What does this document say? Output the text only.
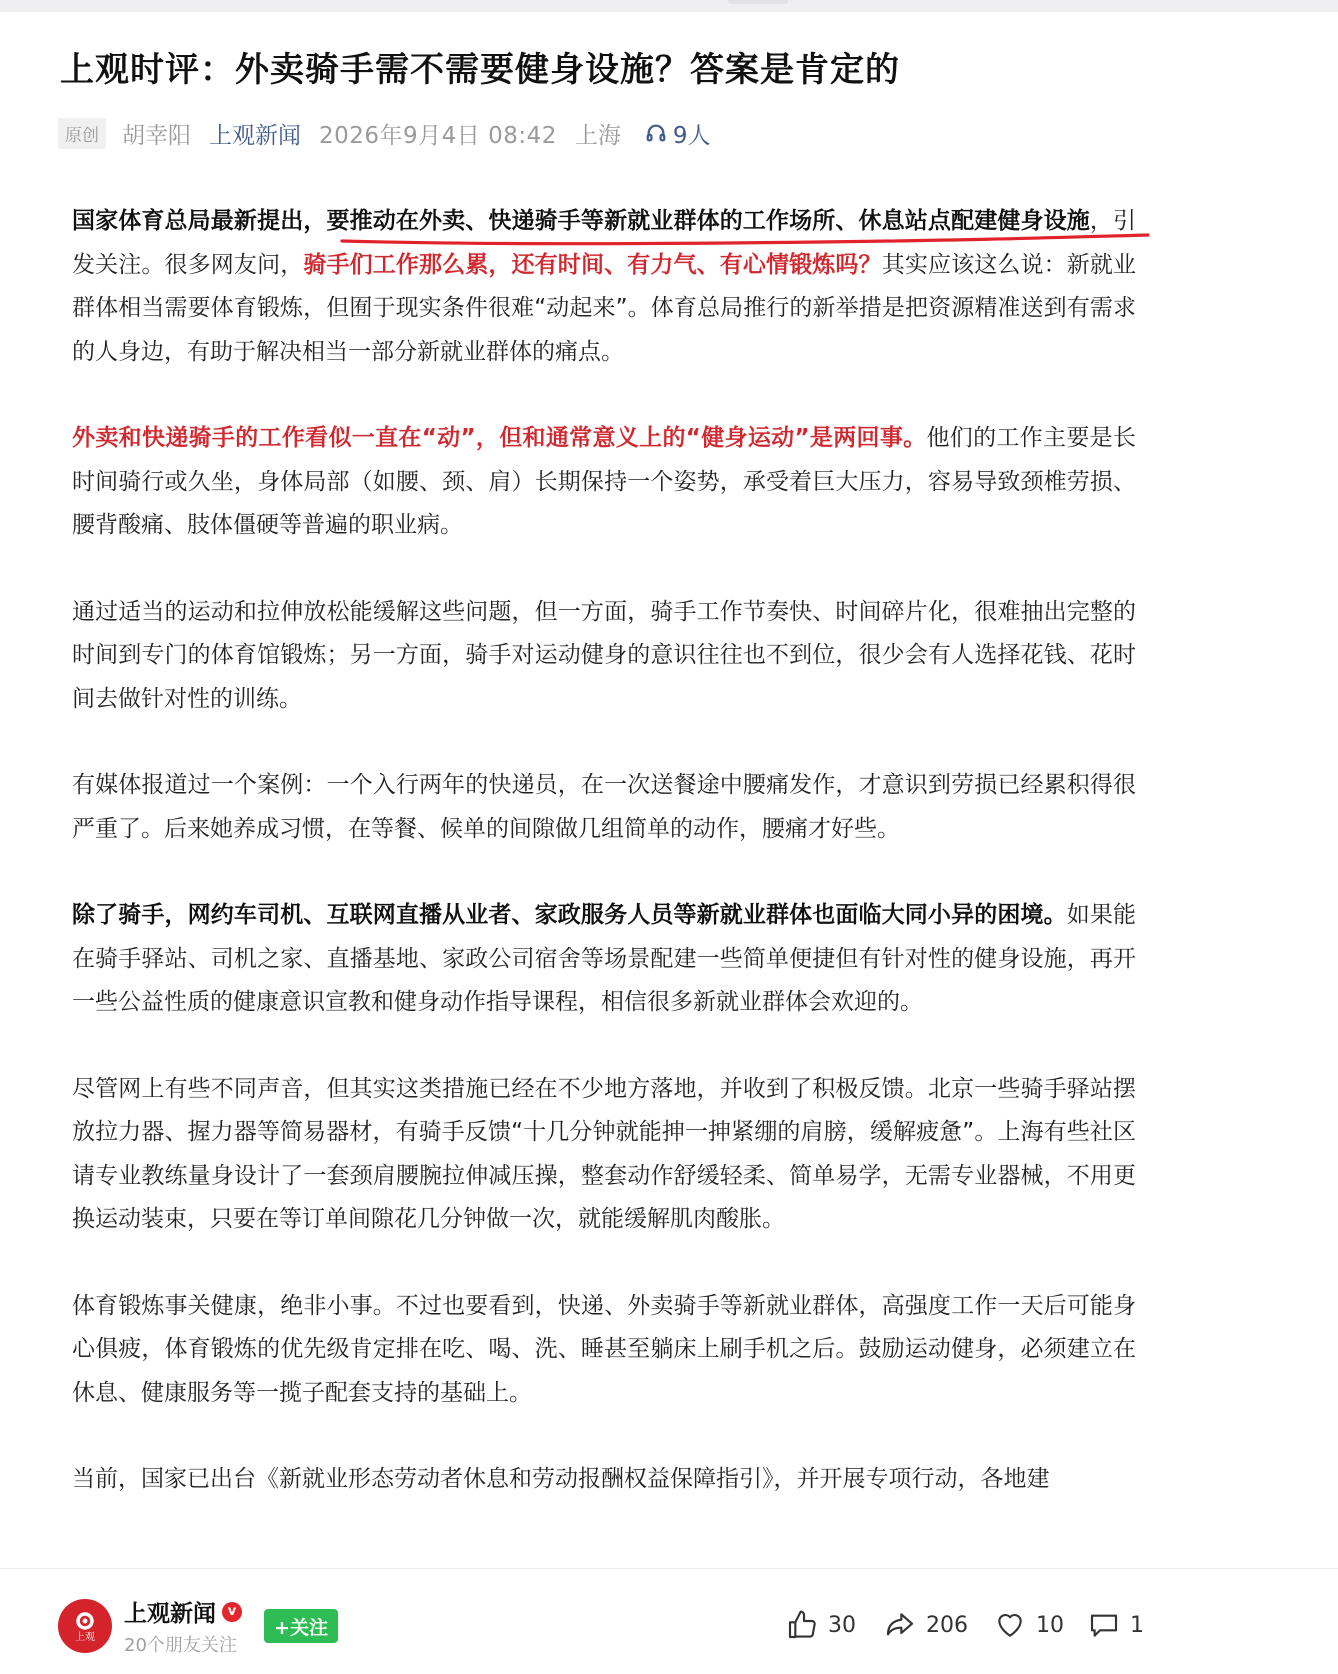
上观时评：外卖骑手需不需要健身设施？答案是肯定的
原创	胡幸阳 上观新闻 2026年9月4日 08:42 上海 9人

国家体育总局最新提出，要推动在外卖、快递骑手等新就业群体的工作场所、休息站点配建健身设施，引发关注。很多网友问，骑手们工作那么累，还有时间、有力气、有心情锻炼吗？其实应该这么说：新就业群体相当需要体育锻炼，但囿于现实条件很难“动起来”。体育总局推行的新举措是把资源精准送到有需求的人身边，有助于解决相当一部分新就业群体的痛点。

外卖和快递骑手的工作看似一直在“动”，但和通常意义上的“健身运动”是两回事。他们的工作主要是长时间骑行或久坐，身体局部（如腰、颈、肩）长期保持一个姿势，承受着巨大压力，容易导致颈椎劳损、腰背酸痛、肢体僵硬等普遍的职业病。

通过适当的运动和拉伸放松能缓解这些问题，但一方面，骑手工作节奏快、时间碎片化，很难抽出完整的时间到专门的体育馆锻炼；另一方面，骑手对运动健身的意识往往也不到位，很少会有人选择花钱、花时间去做针对性的训练。

有媒体报道过一个案例：一个入行两年的快递员，在一次送餐途中腰痛发作，才意识到劳损已经累积得很严重了。后来她养成习惯，在等餐、候单的间隙做几组简单的动作，腰痛才好些。

除了骑手，网约车司机、互联网直播从业者、家政服务人员等新就业群体也面临大同小异的困境。如果能在骑手驿站、司机之家、直播基地、家政公司宿舍等场景配建一些简单便捷但有针对性的健身设施，再开一些公益性质的健康意识宣教和健身动作指导课程，相信很多新就业群体会欢迎的。

尽管网上有些不同声音，但其实这类措施已经在不少地方落地，并收到了积极反馈。北京一些骑手驿站摆放拉力器、握力器等简易器材，有骑手反馈“十几分钟就能抻一抻紧绷的肩膀，缓解疲惫”。上海有些社区请专业教练量身设计了一套颈肩腰腕拉伸减压操，整套动作舒缓轻柔、简单易学，无需专业器械，不用更换运动装束，只要在等订单间隙花几分钟做一次，就能缓解肌肉酸胀。

体育锻炼事关健康，绝非小事。不过也要看到，快递、外卖骑手等新就业群体，高强度工作一天后可能身心俱疲，体育锻炼的优先级肯定排在吃、喝、洗、睡甚至躺床上刷手机之后。鼓励运动健身，必须建立在休息、健康服务等一揽子配套支持的基础上。

当前，国家已出台《新就业形态劳动者休息和劳动报酬权益保障指引》，并开展专项行动，各地建

上观
上观新闻 v
20个朋友关注
+关注	30	206	10	1
